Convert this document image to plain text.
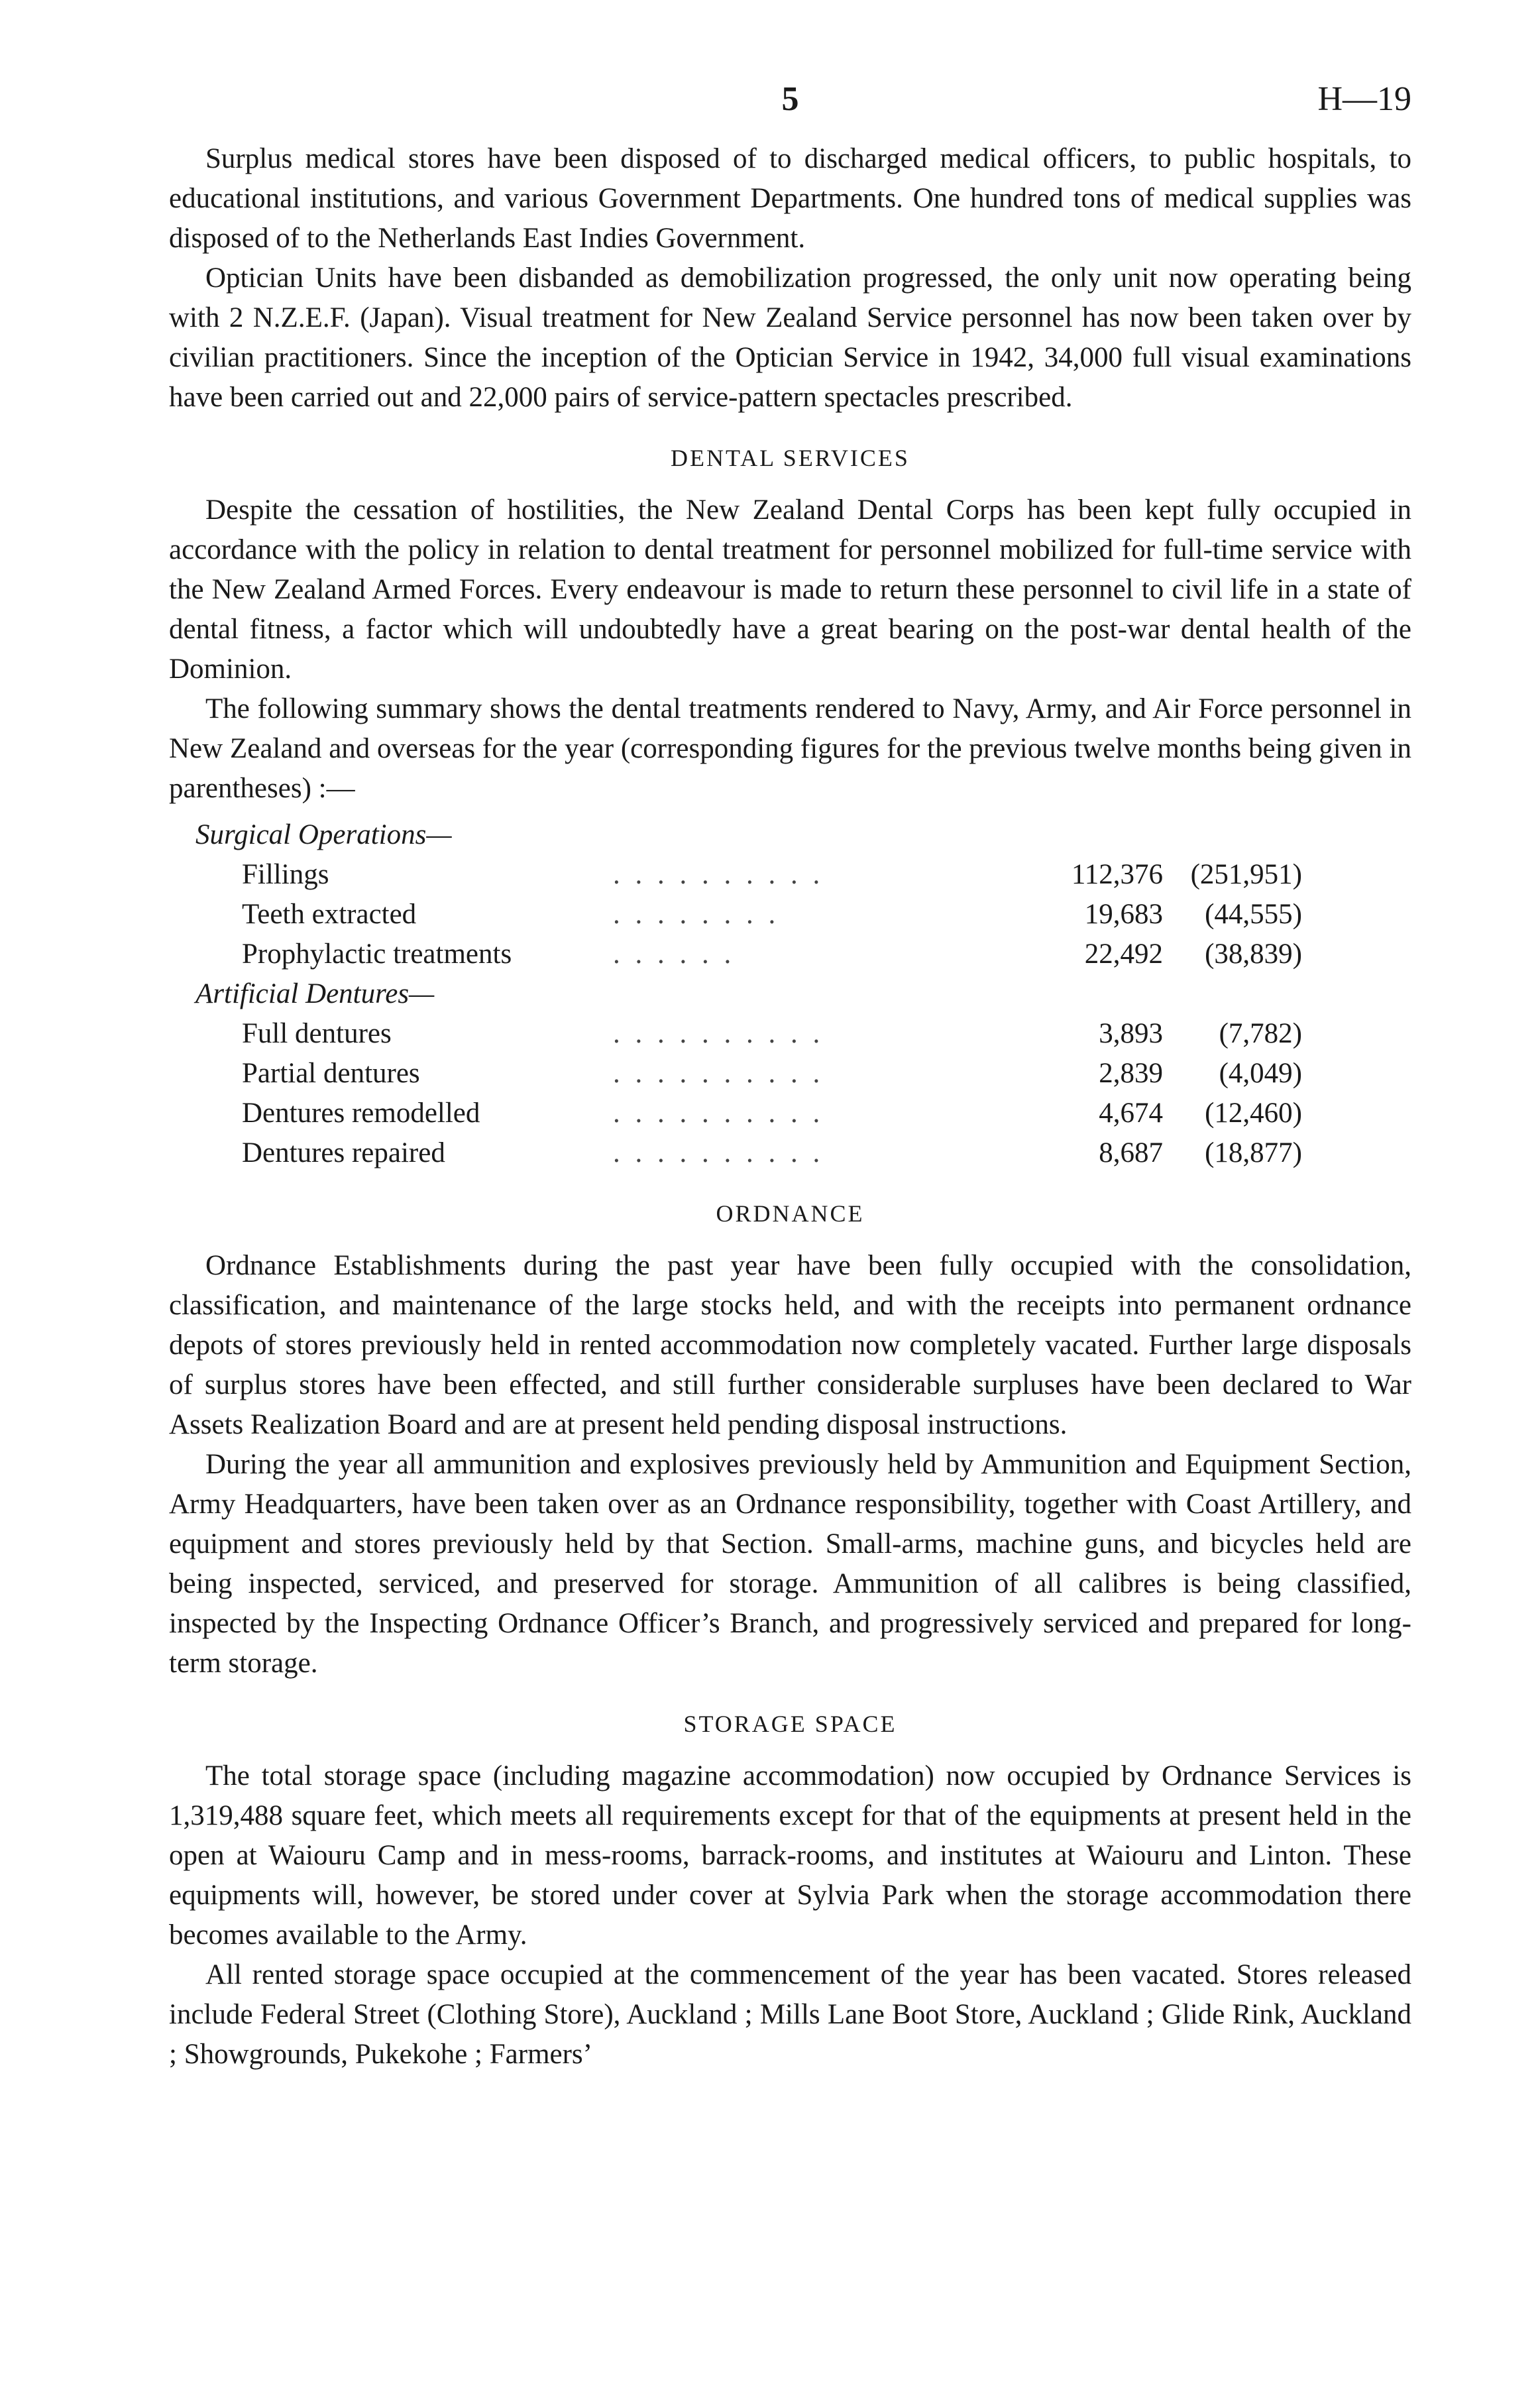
5	H—19

Surplus medical stores have been disposed of to discharged medical officers, to public hospitals, to educational institutions, and various Government Departments. One hundred tons of medical supplies was disposed of to the Netherlands East Indies Government.

Optician Units have been disbanded as demobilization progressed, the only unit now operating being with 2 N.Z.E.F. (Japan). Visual treatment for New Zealand Service personnel has now been taken over by civilian practitioners. Since the inception of the Optician Service in 1942, 34,000 full visual examinations have been carried out and 22,000 pairs of service-pattern spectacles prescribed.

DENTAL SERVICES

Despite the cessation of hostilities, the New Zealand Dental Corps has been kept fully occupied in accordance with the policy in relation to dental treatment for personnel mobilized for full-time service with the New Zealand Armed Forces. Every endeavour is made to return these personnel to civil life in a state of dental fitness, a factor which will undoubtedly have a great bearing on the post-war dental health of the Dominion.

The following summary shows the dental treatments rendered to Navy, Army, and Air Force personnel in New Zealand and overseas for the year (corresponding figures for the previous twelve months being given in parentheses) :—

Surgical Operations—			
Fillings	. . . . . . . . . .	112,376	(251,951)
Teeth extracted	. . . . . . . .	19,683	(44,555)
Prophylactic treatments	. . . . . .	22,492	(38,839)
Artificial Dentures—			
Full dentures	. . . . . . . . . .	3,893	(7,782)
Partial dentures	. . . . . . . . . .	2,839	(4,049)
Dentures remodelled	. . . . . . . . . .	4,674	(12,460)
Dentures repaired	. . . . . . . . . .	8,687	(18,877)
ORDNANCE

Ordnance Establishments during the past year have been fully occupied with the consolidation, classification, and maintenance of the large stocks held, and with the receipts into permanent ordnance depots of stores previously held in rented accommodation now completely vacated. Further large disposals of surplus stores have been effected, and still further considerable surpluses have been declared to War Assets Realization Board and are at present held pending disposal instructions.

During the year all ammunition and explosives previously held by Ammunition and Equipment Section, Army Headquarters, have been taken over as an Ordnance responsibility, together with Coast Artillery, and equipment and stores previously held by that Section. Small-arms, machine guns, and bicycles held are being inspected, serviced, and preserved for storage. Ammunition of all calibres is being classified, inspected by the Inspecting Ordnance Officer’s Branch, and progressively serviced and prepared for long-term storage.

STORAGE SPACE

The total storage space (including magazine accommodation) now occupied by Ordnance Services is 1,319,488 square feet, which meets all requirements except for that of the equipments at present held in the open at Waiouru Camp and in mess-rooms, barrack-rooms, and institutes at Waiouru and Linton. These equipments will, however, be stored under cover at Sylvia Park when the storage accommodation there becomes available to the Army.

All rented storage space occupied at the commencement of the year has been vacated. Stores released include Federal Street (Clothing Store), Auckland ; Mills Lane Boot Store, Auckland ; Glide Rink, Auckland ; Showgrounds, Pukekohe ; Farmers’
